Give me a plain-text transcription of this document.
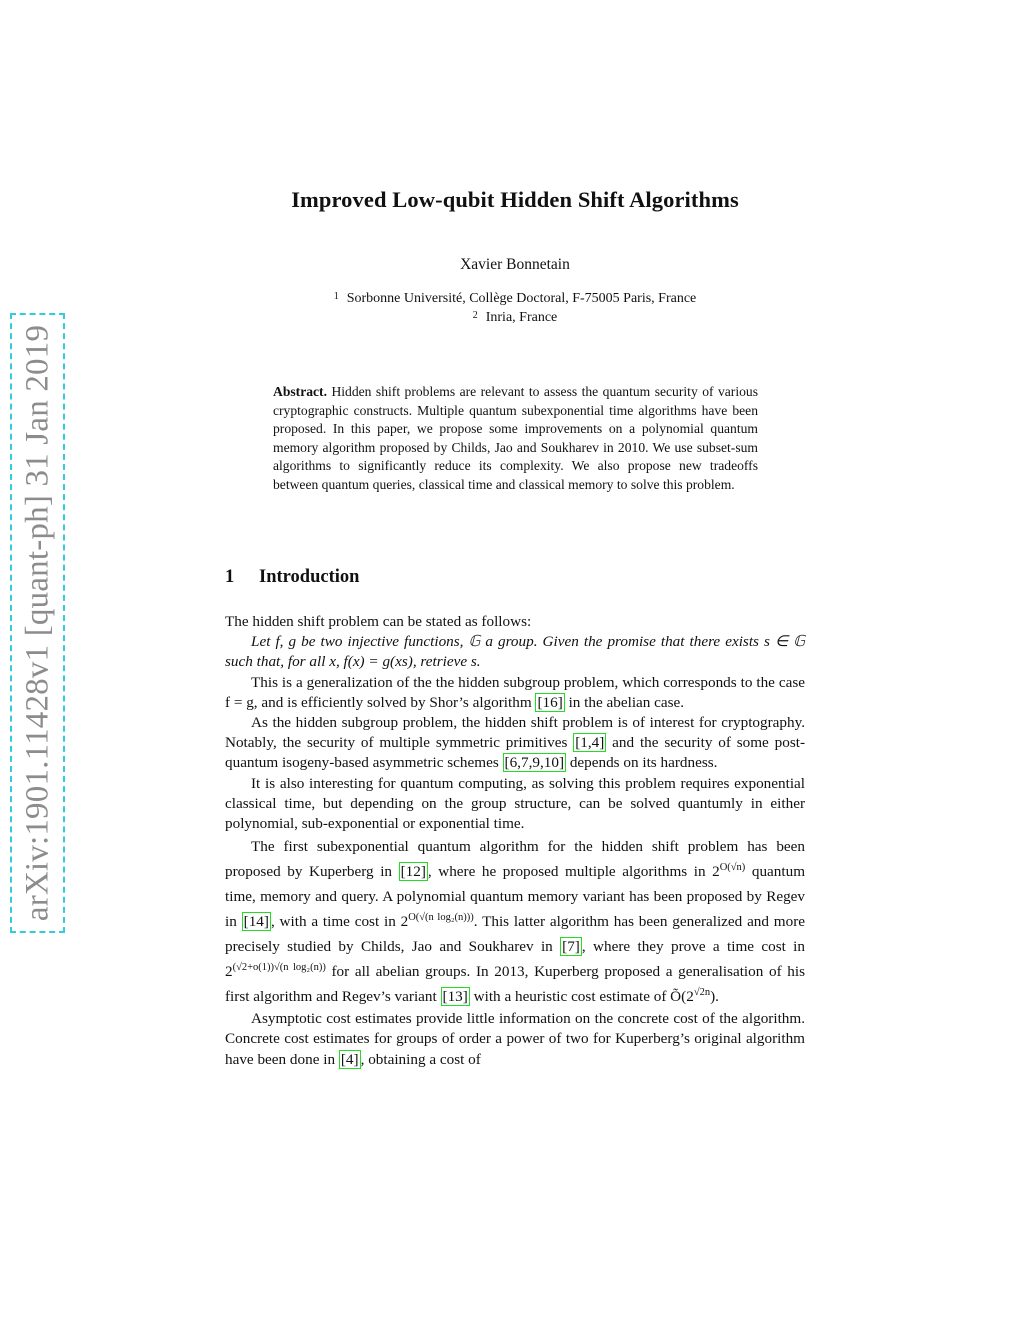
arXiv:1901.11428v1 [quant-ph] 31 Jan 2019
Improved Low-qubit Hidden Shift Algorithms
Xavier Bonnetain
$^1$ Sorbonne Université, Collège Doctoral, F-75005 Paris, France
$^2$ Inria, France
Abstract. Hidden shift problems are relevant to assess the quantum security of various cryptographic constructs. Multiple quantum subexponential time algorithms have been proposed. In this paper, we propose some improvements on a polynomial quantum memory algorithm proposed by Childs, Jao and Soukharev in 2010. We use subset-sum algorithms to significantly reduce its complexity. We also propose new tradeoffs between quantum queries, classical time and classical memory to solve this problem.
1 Introduction

The hidden shift problem can be stated as follows:

Let f, g be two injective functions, 𝔾 a group. Given the promise that there exists s ∈ 𝔾 such that, for all x, f(x) = g(xs), retrieve s.

This is a generalization of the the hidden subgroup problem, which corresponds to the case f = g, and is efficiently solved by Shor’s algorithm [16] in the abelian case.

As the hidden subgroup problem, the hidden shift problem is of interest for cryptography. Notably, the security of multiple symmetric primitives [1,4] and the security of some post-quantum isogeny-based asymmetric schemes [6,7,9,10] depends on its hardness.

It is also interesting for quantum computing, as solving this problem requires exponential classical time, but depending on the group structure, can be solved quantumly in either polynomial, sub-exponential or exponential time.

The first subexponential quantum algorithm for the hidden shift problem has been proposed by Kuperberg in [12] , where he proposed multiple algorithms in $2^{O(√n)}$ quantum time, memory and query. A polynomial quantum memory variant has been proposed by Regev in [14] , with a time cost in $2^{O(√(n log_2(n)))}$. This latter algorithm has been generalized and more precisely studied by Childs, Jao and Soukharev in [7] , where they prove a time cost in $2^{(√2+o(1))√(n log_2(n))}$ for all abelian groups. In 2013, Kuperberg proposed a generalisation of his first algorithm and Regev’s variant [13] with a heuristic cost estimate of $Õ(2^{√2n})$.

Asymptotic cost estimates provide little information on the concrete cost of the algorithm. Concrete cost estimates for groups of order a power of two for Kuperberg’s original algorithm have been done in [4] , obtaining a cost of
